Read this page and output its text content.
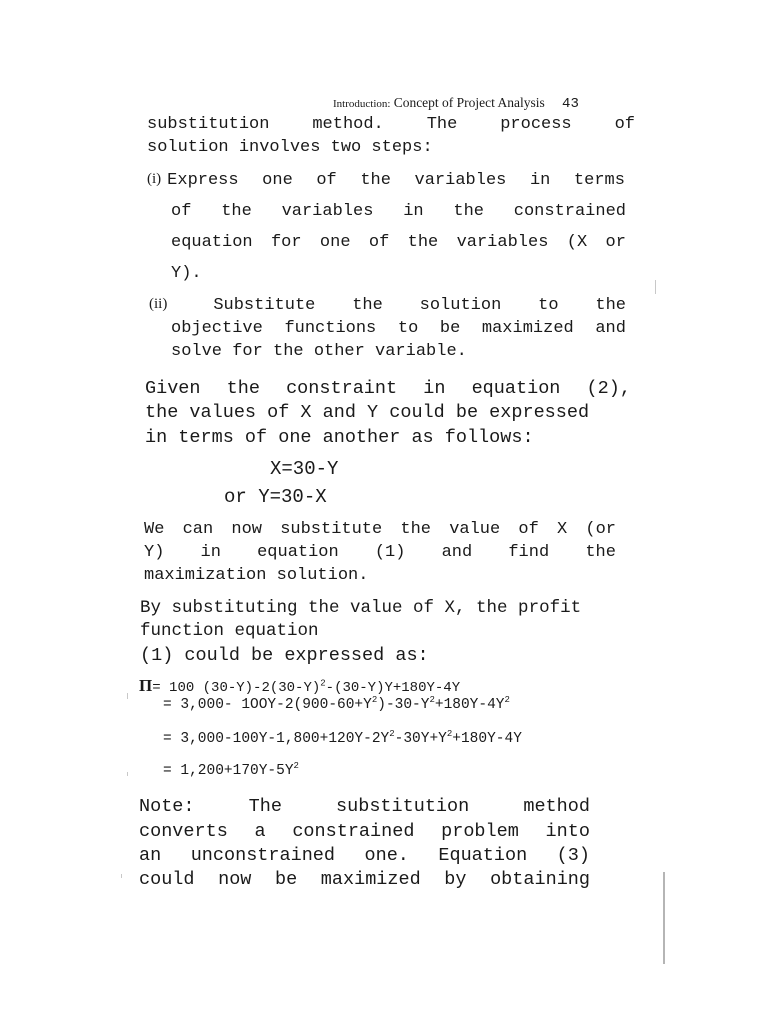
Introduction: Concept of Project Analysis 43
substitution	method.	The	process	of
solution involves two steps:
(i) Express one of the variables in terms
of the variables in the constrained
equation for one of the variables (X or
Y).
(ii)	Substitute the solution to the
objective functions to be maximized and
solve for the other variable.
Given the constraint in equation (2),
the values of X and Y could be expressed
in terms of one another as follows:
X=30-Y
or Y=30-X
We can now substitute the value of X (or
Y) in equation (1) and find the
maximization solution.
By substituting the value of X, the profit
function equation
(1) could be expressed as:
Π= 100 $(30-Y)-2(30-Y)^2-(30-Y)Y+180Y-4Y$
= 3,000- $1OOY-2(900-60+Y^2)-30-Y^2+180Y-4Y^2$
= $3,000-100Y-1,800+120Y-2Y^2-30Y+Y^2+180Y-4Y$
= $1,200+170Y-5Y^2$
Note:	The	substitution	method
converts a constrained problem into
an unconstrained one. Equation (3)
could now be maximized by obtaining
